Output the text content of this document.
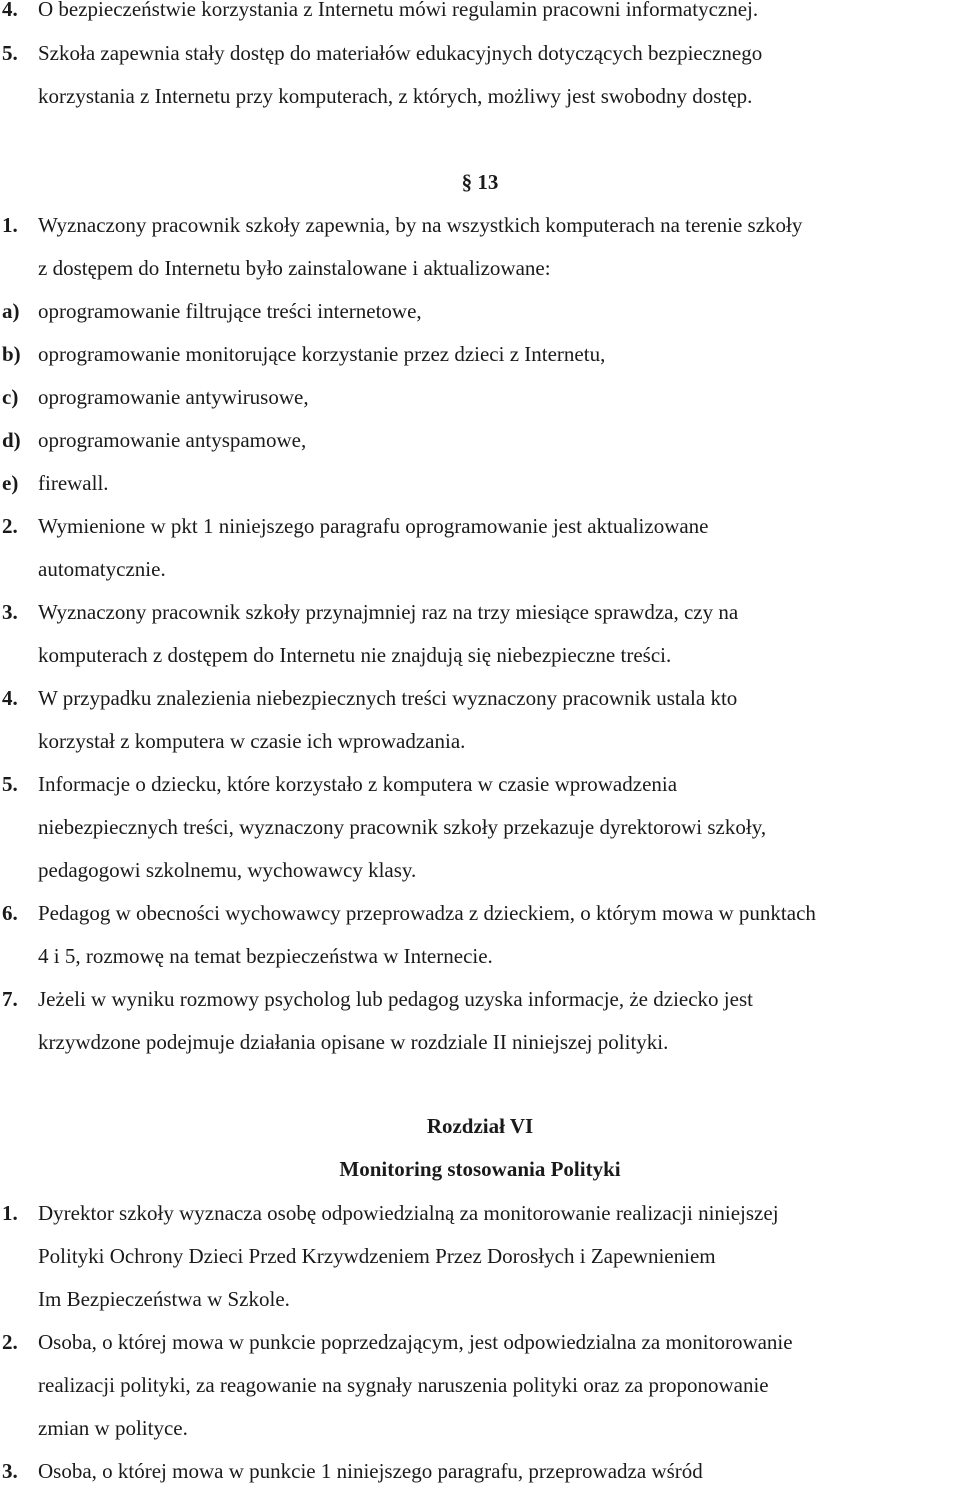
4. O bezpieczeństwie korzystania z Internetu mówi regulamin pracowni informatycznej.
5. Szkoła zapewnia stały dostęp do materiałów edukacyjnych dotyczących bezpiecznego
korzystania z Internetu przy komputerach, z których, możliwy jest swobodny dostęp.
§ 13
1. Wyznaczony pracownik szkoły zapewnia, by na wszystkich komputerach na terenie szkoły
z dostępem do Internetu było zainstalowane i aktualizowane:
a) oprogramowanie filtrujące treści internetowe,
b) oprogramowanie monitorujące korzystanie przez dzieci z Internetu,
c) oprogramowanie antywirusowe,
d) oprogramowanie antyspamowe,
e) firewall.
2. Wymienione w pkt 1 niniejszego paragrafu oprogramowanie jest aktualizowane
automatycznie.
3. Wyznaczony pracownik szkoły przynajmniej raz na trzy miesiące sprawdza, czy na
komputerach z dostępem do Internetu nie znajdują się niebezpieczne treści.
4. W przypadku znalezienia niebezpiecznych treści wyznaczony pracownik ustala kto
korzystał z komputera w czasie ich wprowadzania.
5. Informacje o dziecku, które korzystało z komputera w czasie wprowadzenia
niebezpiecznych treści, wyznaczony pracownik szkoły przekazuje dyrektorowi szkoły,
pedagogowi szkolnemu, wychowawcy klasy.
6. Pedagog w obecności wychowawcy przeprowadza z dzieckiem, o którym mowa w punktach
4 i 5, rozmowę na temat bezpieczeństwa w Internecie.
7. Jeżeli w wyniku rozmowy psycholog lub pedagog uzyska informacje, że dziecko jest
krzywdzone podejmuje działania opisane w rozdziale II niniejszej polityki.
Rozdział VI
Monitoring stosowania Polityki
1. Dyrektor szkoły wyznacza osobę odpowiedzialną za monitorowanie realizacji niniejszej
Polityki Ochrony Dzieci Przed Krzywdzeniem Przez Dorosłych i Zapewnieniem
Im Bezpieczeństwa w Szkole.
2. Osoba, o której mowa w punkcie poprzedzającym, jest odpowiedzialna za monitorowanie
realizacji polityki, za reagowanie na sygnały naruszenia polityki oraz za proponowanie
zmian w polityce.
3. Osoba, o której mowa w punkcie 1 niniejszego paragrafu, przeprowadza wśród
